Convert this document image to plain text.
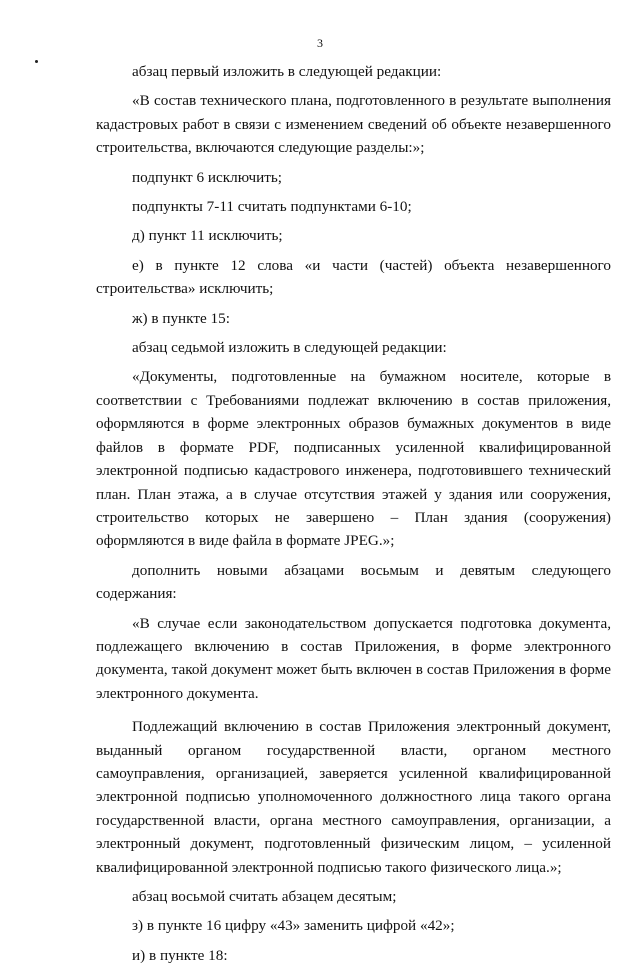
3

абзац первый изложить в следующей редакции:

«В состав технического плана, подготовленного в результате выполнения кадастровых работ в связи с изменением сведений об объекте незавершенного строительства, включаются следующие разделы:»;

подпункт 6 исключить;

подпункты 7-11 считать подпунктами 6-10;

д) пункт 11 исключить;

е) в пункте 12 слова «и части (частей) объекта незавершенного строительства» исключить;

ж) в пункте 15:

абзац седьмой изложить в следующей редакции:

«Документы, подготовленные на бумажном носителе, которые в соответствии с Требованиями подлежат включению в состав приложения, оформляются в форме электронных образов бумажных документов в виде файлов в формате PDF, подписанных усиленной квалифицированной электронной подписью кадастрового инженера, подготовившего технический план. План этажа, а в случае отсутствия этажей у здания или сооружения, строительство которых не завершено – План здания (сооружения) оформляются в виде файла в формате JPEG.»;

дополнить новыми абзацами восьмым и девятым следующего содержания:

«В случае если законодательством допускается подготовка документа, подлежащего включению в состав Приложения, в форме электронного документа, такой документ может быть включен в состав Приложения в форме электронного документа.

Подлежащий включению в состав Приложения электронный документ, выданный органом государственной власти, органом местного самоуправления, организацией, заверяется усиленной квалифицированной электронной подписью уполномоченного должностного лица такого органа государственной власти, органа местного самоуправления, организации, а электронный документ, подготовленный физическим лицом, – усиленной квалифицированной электронной подписью такого физического лица.»;

абзац восьмой считать абзацем десятым;

з) в пункте 16 цифру «43» заменить цифрой «42»;

и) в пункте 18:
